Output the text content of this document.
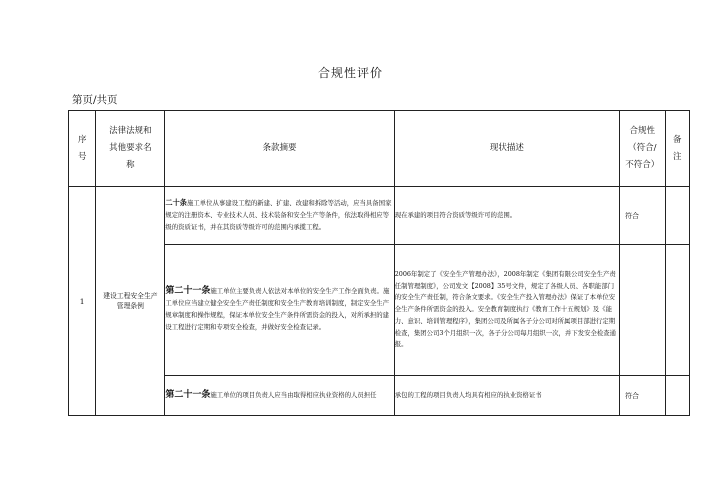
合规性评价
第页/共页
序
号	法律法规和
其他要求名
称	条款摘要	现状描述	合规性
（符合/
不符合）	备
注

1	建设工程安全生产管理条例	二十条施工单位从事建设工程的新建、扩建、改建和拆除等活动，应当具备国家规定的注册资本、专业技术人员、技术装备和安全生产等条件，依法取得相应等级的资质证书，并在其资质等级许可的范围内承揽工程。	现在承建的项目符合资质等级许可的范围。	符合	
		第二十一条施工单位主要负责人依法对本单位的安全生产工作全面负责。施工单位应当建立健全安全生产责任制度和安全生产教育培训制度，制定安全生产规章制度和操作规程，保证本单位安全生产条件所需资金的投入，对所承担的建设工程进行定期和专项安全检查，并做好安全检查记录。	2006年制定了《安全生产管理办法》，2008年制定《集团有限公司安全生产责任制管理制度》，公司发文【2008】35号文件，规定了各级人员、各职能部门的安全生产责任制，符合条文要求。《安全生产投入管理办法》保证了本单位安全生产条件所需资金的投入。安全教育制度执行《教育工作十五规划》及《能力、意识、培训管理程序》，集团公司及所属各子分公司对所属项目部进行定期检查，集团公司3个月组织一次，各子分公司每月组织一次，并下发安全检查通报。		
		第二十一条施工单位的项目负责人应当由取得相应执业资格的人员担任	承包的工程的项目负责人均具有相应的执业资格证书	符合	
